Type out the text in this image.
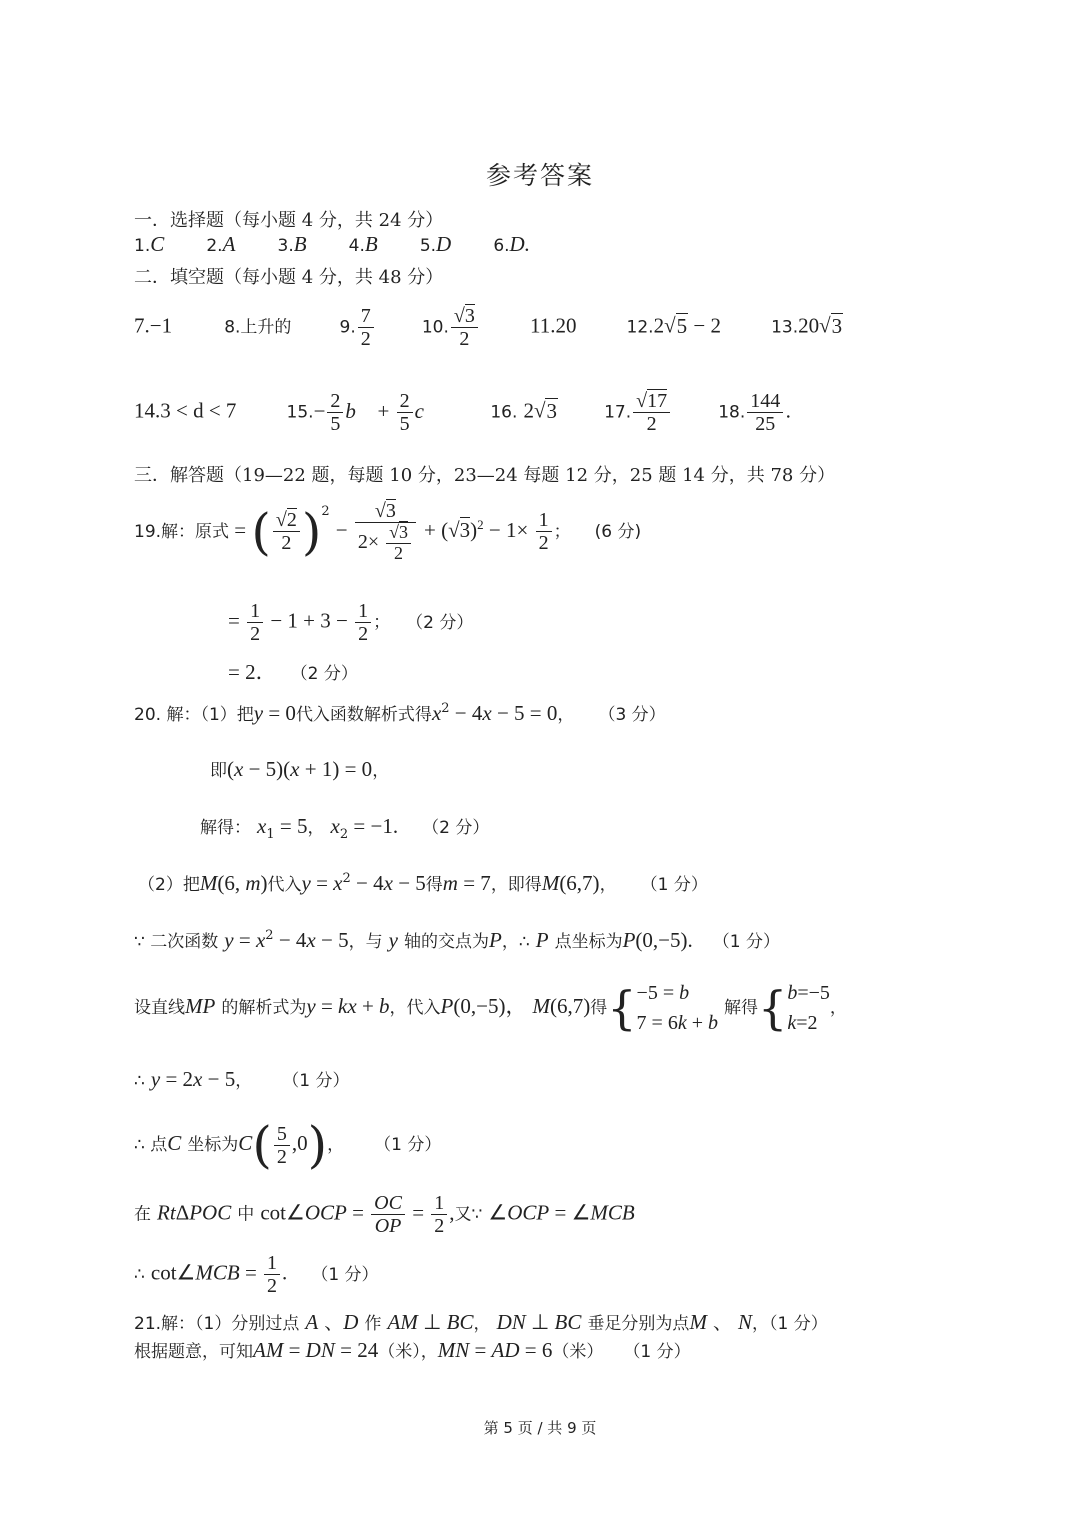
参考答案
一．选择题（每小题 4 分，共 24 分）
1.C 2.A 3.B 4.B 5.D 6.D.
二．填空题（每小题 4 分，共 48 分）
7.−1	8.上升的	9. $\frac{7}{2}$	10. $\frac{√3}{2} 11.20$	12.2√5 − 2	13.20√3
14.3 < d < 7	$15.- \frac{2}{5}$ b⃗ + $\frac{2}{5}$ c⃗	16. 2√3	17. $\frac{√17}{2}$	18. $\frac{144}{25}$ .
三．解答题（19—22 题，每题 10 分，23—24 每题 12 分，25 题 14 分，共 78 分）
19.解：原式 = ( $\frac{√2}{2} )^2 - \frac{√3}{2\times \frac{√3}{2}} + (√3)^2 - 1\times \frac{1}{2}$ ； (6 分)
= $\frac{1}{2} - 1 + 3 - \frac{1}{2}$ ； （2 分）
= 2． （2 分）
20. 解：（1）把y = 0代入函数解析式得$x^2 - 4x - 5 = 0$， （3 分）
即(x − 5)(x + 1) = 0，
解得： $x_1 = 5$， $x_2 = -1$. （2 分）
（2）把M(6, m)代入$y = x^2 - 4x - 5$得m = 7，即得M(6,7)， （1 分）
∵ 二次函数 $y = x^2 - 4x - 5$，与 y 轴的交点为P，∴ P 点坐标为P(0,−5). （1 分）
设直线MP 的解析式为y = kx + b，代入P(0,−5)， M(6,7)得{ −5 = b
7 = 6k + b
解得{ b=−5
k=2
，
∴ y = 2x − 5， （1 分）
∴ 点C 坐标为$C( \frac{5}{2} ,0)$， （1 分）
在 RtΔPOC 中 cot∠OCP = $\frac{OC}{OP} = \frac{1}{2}$ ,又∵ ∠OCP = ∠MCB
∴ cot∠MCB = $\frac{1}{2}$ . （1 分）
21.解：（1）分别过点 A 、D 作 AM ⊥ BC， DN ⊥ BC 垂足分别为点M 、 N，（1 分）
根据题意，可知AM = DN = 24（米），MN = AD = 6（米） （1 分）
第 5 页 / 共 9 页
